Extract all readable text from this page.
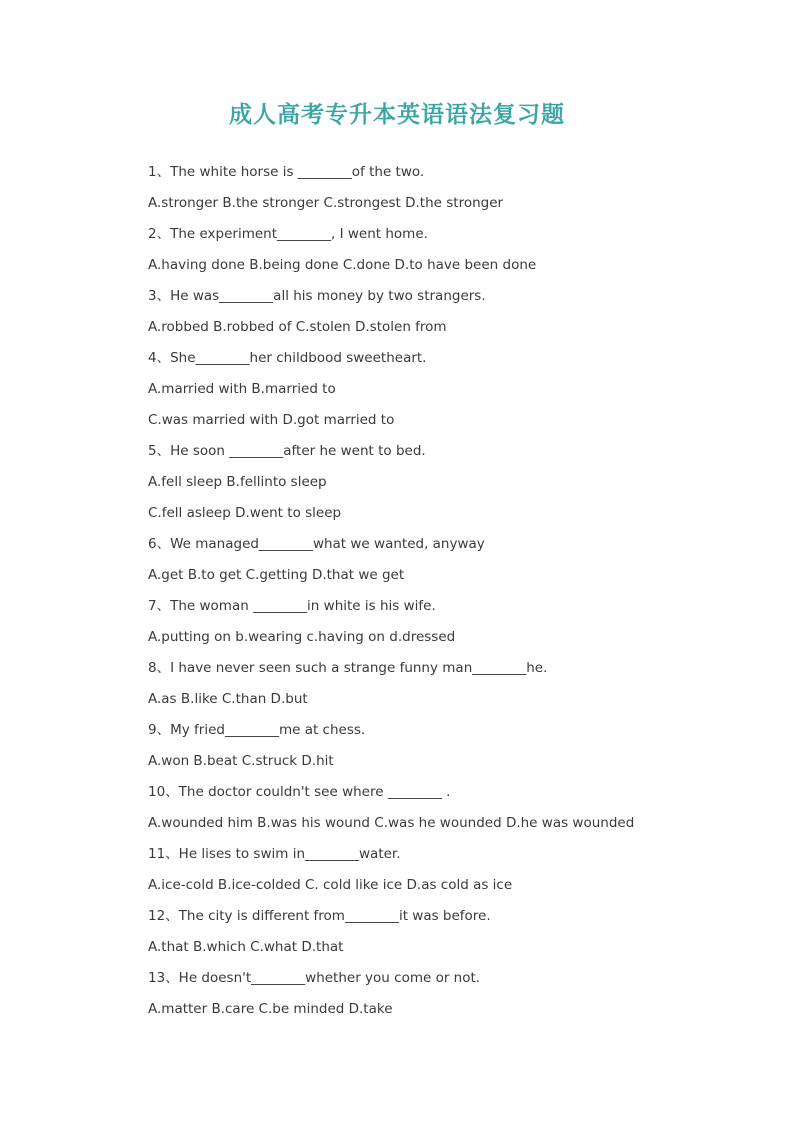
成人高考专升本英语语法复习题
1、The white horse is ________of the two.
A.stronger B.the stronger C.strongest D.the stronger
2、The experiment________, I went home.
A.having done B.being done C.done D.to have been done
3、He was________all his money by two strangers.
A.robbed B.robbed of C.stolen D.stolen from
4、She________her childbood sweetheart.
A.married with B.married to
C.was married with D.got married to
5、He soon ________after he went to bed.
A.fell sleep B.fellinto sleep
C.fell asleep D.went to sleep
6、We managed________what we wanted, anyway
A.get B.to get C.getting D.that we get
7、The woman ________in white is his wife.
A.putting on b.wearing c.having on d.dressed
8、I have never seen such a strange funny man________he.
A.as B.like C.than D.but
9、My fried________me at chess.
A.won B.beat C.struck D.hit
10、The doctor couldn't see where ________ .
A.wounded him B.was his wound C.was he wounded D.he was wounded
11、He lises to swim in________water.
A.ice-cold B.ice-colded C. cold like ice D.as cold as ice
12、The city is different from________it was before.
A.that B.which C.what D.that
13、He doesn't________whether you come or not.
A.matter B.care C.be minded D.take
